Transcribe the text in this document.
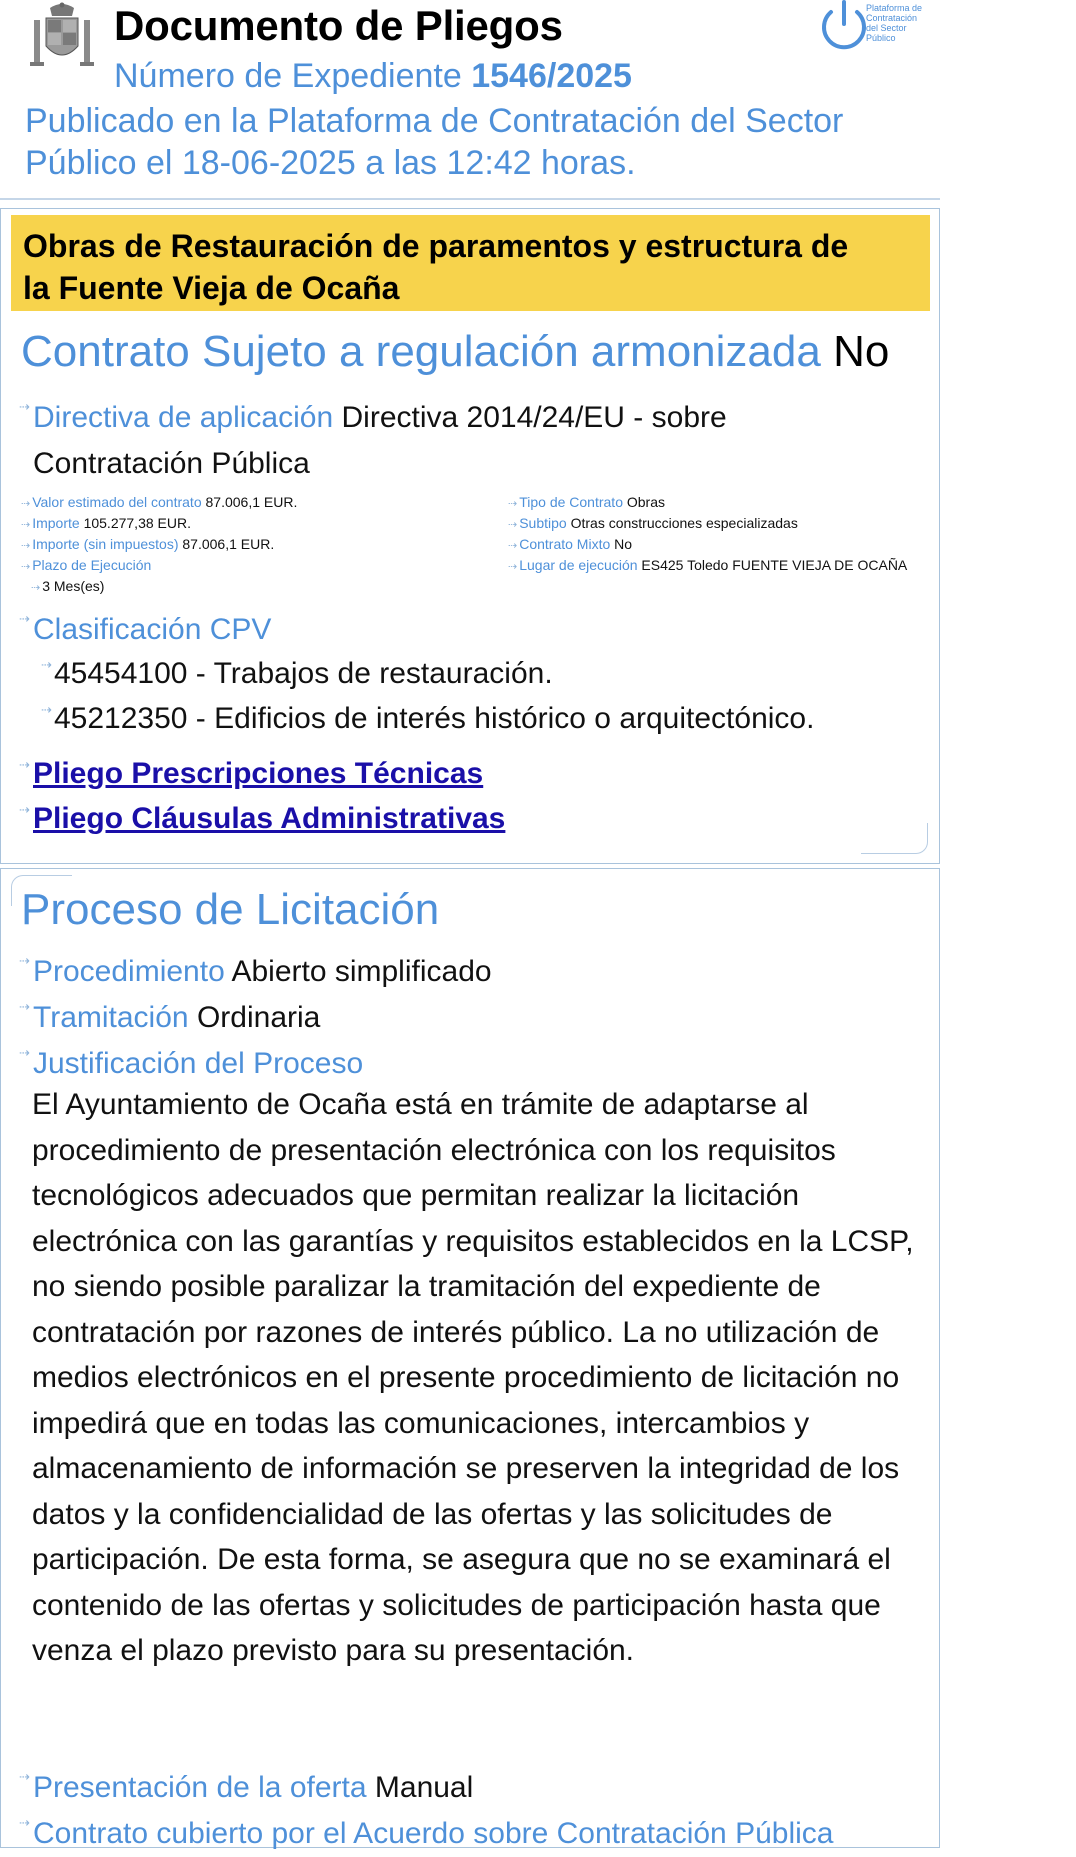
Documento de Pliegos
Número de Expediente 1546/2025
Publicado en la Plataforma de Contratación del Sector
Público el 18-06-2025 a las 12:42 horas.
Plataforma de
Contratación
del Sector
Público
Obras de Restauración de paramentos y estructura de
la Fuente Vieja de Ocaña
Contrato Sujeto a regulación armonizada No
⇢ Directiva de aplicación Directiva 2014/24/EU - sobre
Contratación Pública
⇢ Valor estimado del contrato 87.006,1 EUR.
⇢ Importe 105.277,38 EUR.
⇢ Importe (sin impuestos) 87.006,1 EUR.
⇢ Plazo de Ejecución
⇢ 3 Mes(es)
⇢ Tipo de Contrato Obras
⇢ Subtipo Otras construcciones especializadas
⇢ Contrato Mixto No
⇢ Lugar de ejecución ES425 Toledo FUENTE VIEJA DE OCAÑA
⇢ Clasificación CPV
⇢ 45454100 - Trabajos de restauración.
⇢ 45212350 - Edificios de interés histórico o arquitectónico.
⇢ Pliego Prescripciones Técnicas
⇢ Pliego Cláusulas Administrativas
Proceso de Licitación
⇢ Procedimiento Abierto simplificado
⇢ Tramitación Ordinaria
⇢ Justificación del Proceso
⇢ Presentación de la oferta Manual
⇢ Contrato cubierto por el Acuerdo sobre Contratación Pública
El Ayuntamiento de Ocaña está en trámite de adaptarse al procedimiento de presentación electrónica con los requisitos tecnológicos adecuados que permitan realizar la licitación electrónica con las garantías y requisitos establecidos en la LCSP, no siendo posible paralizar la tramitación del expediente de contratación por razones de interés público. La no utilización de medios electrónicos en el presente procedimiento de licitación no impedirá que en todas las comunicaciones, intercambios y almacenamiento de información se preserven la integridad de los datos y la confidencialidad de las ofertas y las solicitudes de participación. De esta forma, se asegura que no se examinará el contenido de las ofertas y solicitudes de participación hasta que venza el plazo previsto para su presentación.
